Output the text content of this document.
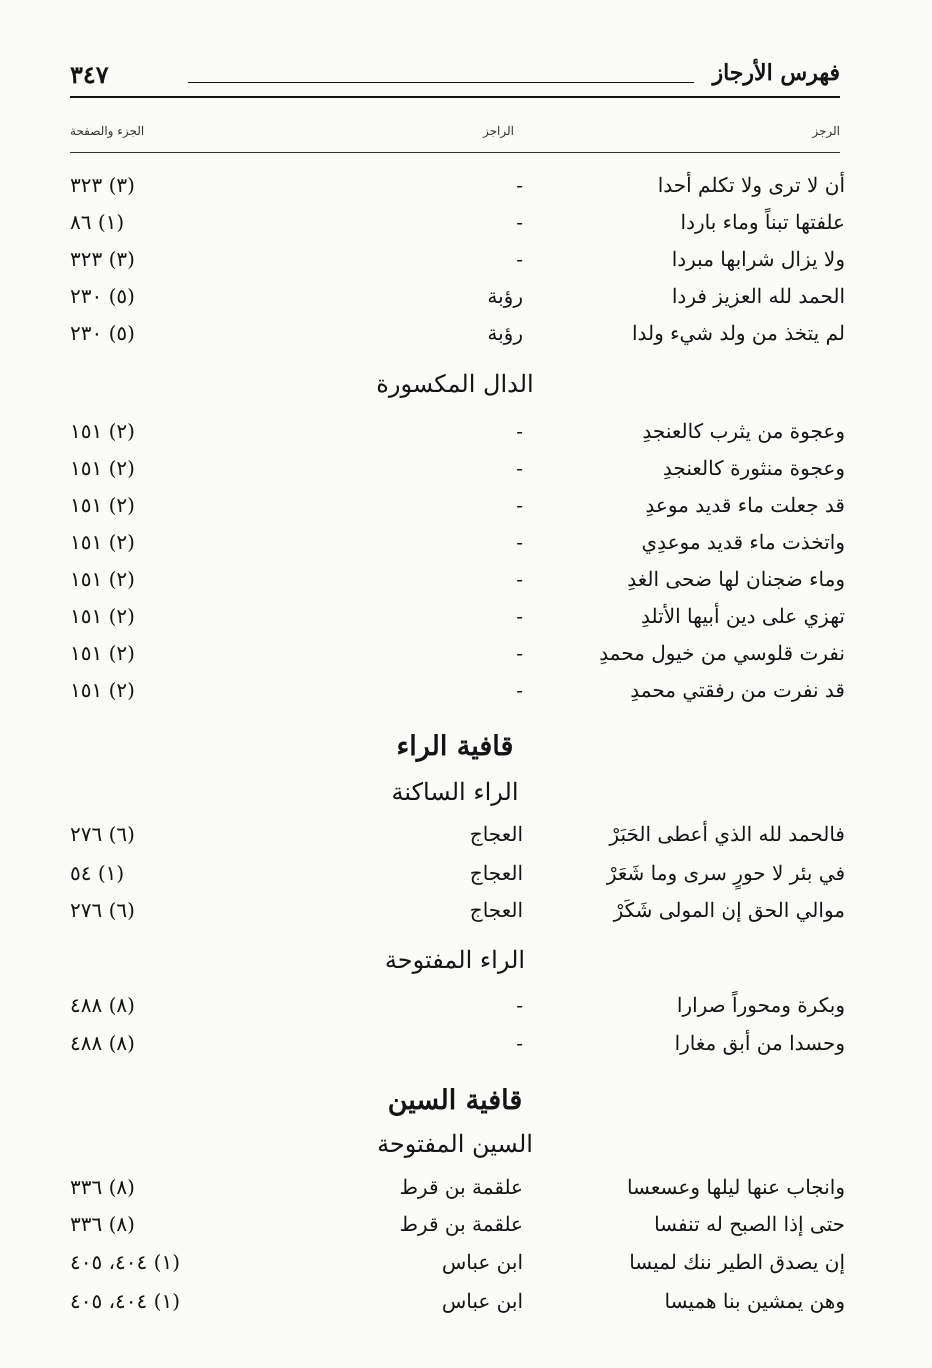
فهرس الأرجاز
٣٤٧
الرجز
الراجز
الجزء والصفحة
أن لا ترى ولا تكلم أحدا
-
(٣) ٣٢٣
علفتها تبناً وماء باردا
-
(١) ٨٦
ولا يزال شرابها مبردا
-
(٣) ٣٢٣
الحمد لله العزيز فردا
رؤبة
(٥) ٢٣٠
لم يتخذ من ولد شيء ولدا
رؤبة
(٥) ٢٣٠
الدال المكسورة
وعجوة من يثرب كالعنجدِ
-
(٢) ١٥١
وعجوة منثورة كالعنجدِ
-
(٢) ١٥١
قد جعلت ماء قديد موعدِ
-
(٢) ١٥١
واتخذت ماء قديد موعدِي
-
(٢) ١٥١
وماء ضجنان لها ضحى الغدِ
-
(٢) ١٥١
تهزي على دين أبيها الأتلدِ
-
(٢) ١٥١
نفرت قلوسي من خيول محمدِ
-
(٢) ١٥١
قد نفرت من رفقتي محمدِ
-
(٢) ١٥١
قافية الراء
الراء الساكنة
فالحمد لله الذي أعطى الحَبَرْ
العجاج
(٦) ٢٧٦
في بئر لا حورٍ سرى وما شَعَرْ
العجاج
(١) ٥٤
موالي الحق إن المولى شَكَرْ
العجاج
(٦) ٢٧٦
الراء المفتوحة
وبكرة ومحوراً صرارا
-
(٨) ٤٨٨
وحسدا من أبق مغارا
-
(٨) ٤٨٨
قافية السين
السين المفتوحة
وانجاب عنها ليلها وعسعسا
علقمة بن قرط
(٨) ٣٣٦
حتى إذا الصبح له تنفسا
علقمة بن قرط
(٨) ٣٣٦
إن يصدق الطير ننك لميسا
ابن عباس
(١) ٤٠٤، ٤٠٥
وهن يمشين بنا هميسا
ابن عباس
(١) ٤٠٤، ٤٠٥
